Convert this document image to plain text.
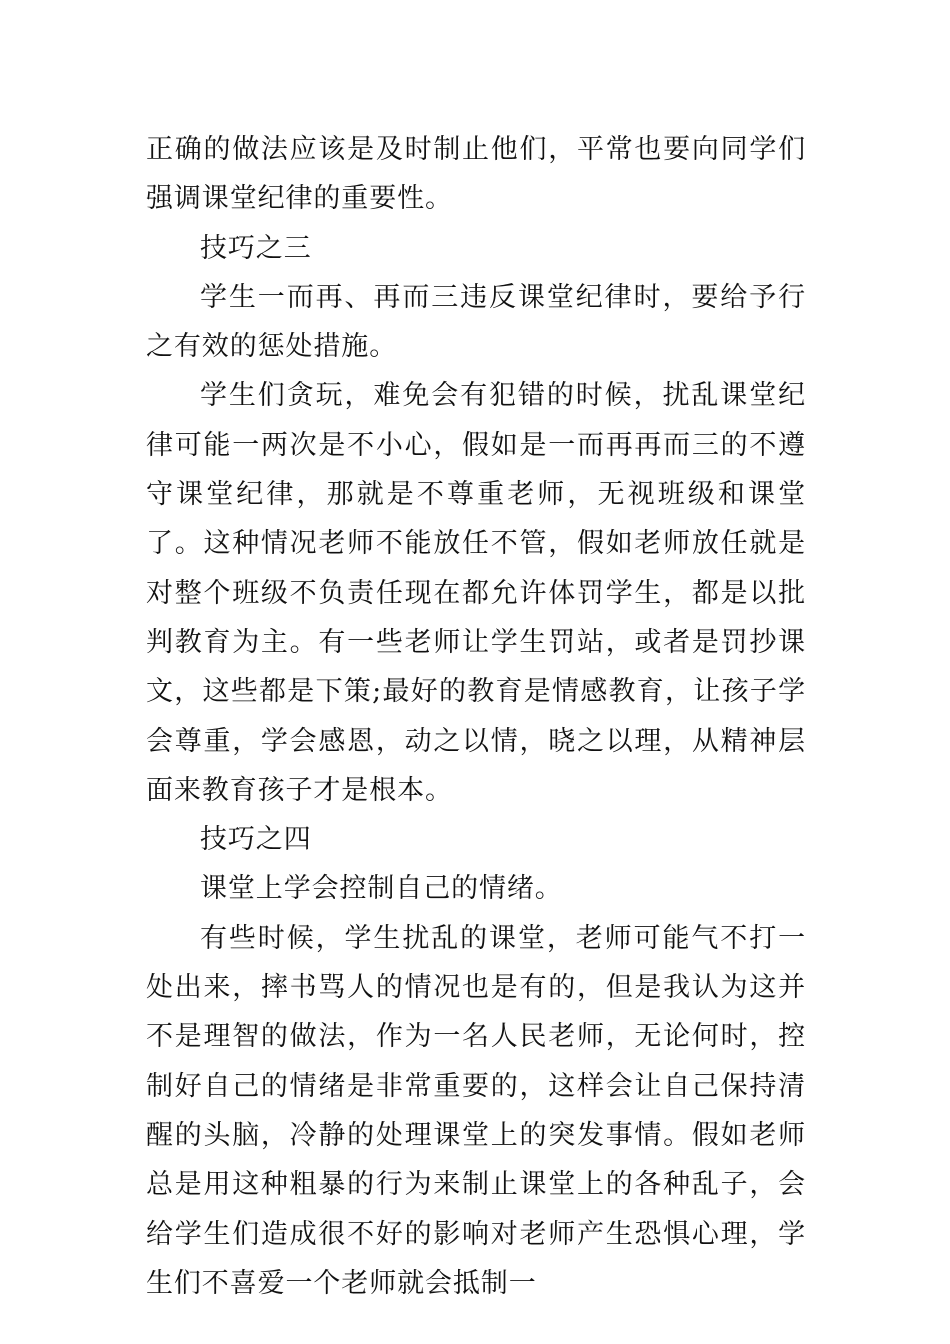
正确的做法应该是及时制止他们，平常也要向同学们强调课堂纪律的重要性。

技巧之三

学生一而再、再而三违反课堂纪律时，要给予行之有效的惩处措施。

学生们贪玩，难免会有犯错的时候，扰乱课堂纪律可能一两次是不小心，假如是一而再再而三的不遵守课堂纪律，那就是不尊重老师，无视班级和课堂了。这种情况老师不能放任不管，假如老师放任就是对整个班级不负责任现在都允许体罚学生，都是以批判教育为主。有一些老师让学生罚站，或者是罚抄课文，这些都是下策;最好的教育是情感教育，让孩子学会尊重，学会感恩，动之以情，晓之以理，从精神层面来教育孩子才是根本。

技巧之四

课堂上学会控制自己的情绪。

有些时候，学生扰乱的课堂，老师可能气不打一处出来，摔书骂人的情况也是有的，但是我认为这并不是理智的做法，作为一名人民老师，无论何时，控制好自己的情绪是非常重要的，这样会让自己保持清醒的头脑，冷静的处理课堂上的突发事情。假如老师总是用这种粗暴的行为来制止课堂上的各种乱子，会给学生们造成很不好的影响对老师产生恐惧心理，学生们不喜爱一个老师就会抵制一
